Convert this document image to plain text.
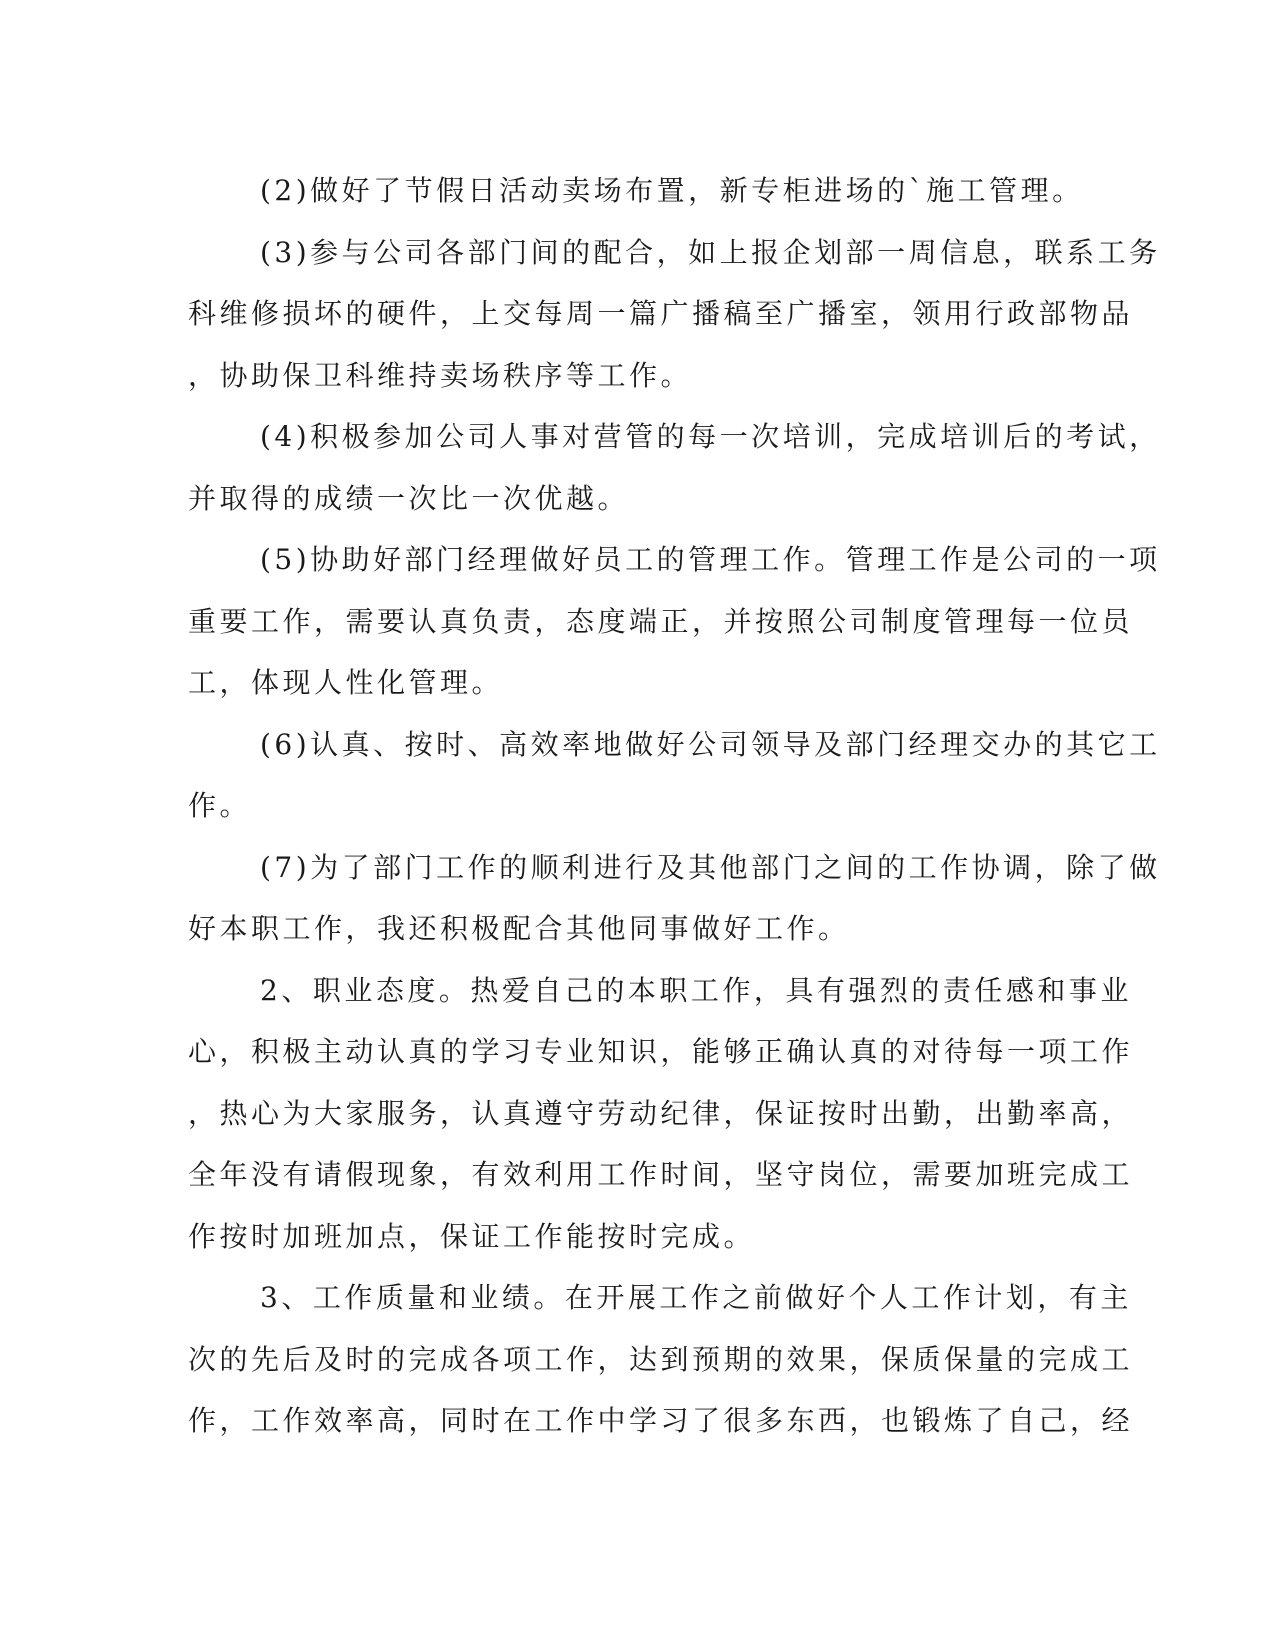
(2)做好了节假日活动卖场布置，新专柜进场的`施工管理。
(3)参与公司各部门间的配合，如上报企划部一周信息，联系工务
科维修损坏的硬件，上交每周一篇广播稿至广播室，领用行政部物品
，协助保卫科维持卖场秩序等工作。
(4)积极参加公司人事对营管的每一次培训，完成培训后的考试，
并取得的成绩一次比一次优越。
(5)协助好部门经理做好员工的管理工作。管理工作是公司的一项
重要工作，需要认真负责，态度端正，并按照公司制度管理每一位员
工，体现人性化管理。
(6)认真、按时、高效率地做好公司领导及部门经理交办的其它工
作。
(7)为了部门工作的顺利进行及其他部门之间的工作协调，除了做
好本职工作，我还积极配合其他同事做好工作。
2、职业态度。热爱自己的本职工作，具有强烈的责任感和事业
心，积极主动认真的学习专业知识，能够正确认真的对待每一项工作
，热心为大家服务，认真遵守劳动纪律，保证按时出勤，出勤率高，
全年没有请假现象，有效利用工作时间，坚守岗位，需要加班完成工
作按时加班加点，保证工作能按时完成。
3、工作质量和业绩。在开展工作之前做好个人工作计划，有主
次的先后及时的完成各项工作，达到预期的效果，保质保量的完成工
作，工作效率高，同时在工作中学习了很多东西，也锻炼了自己，经
